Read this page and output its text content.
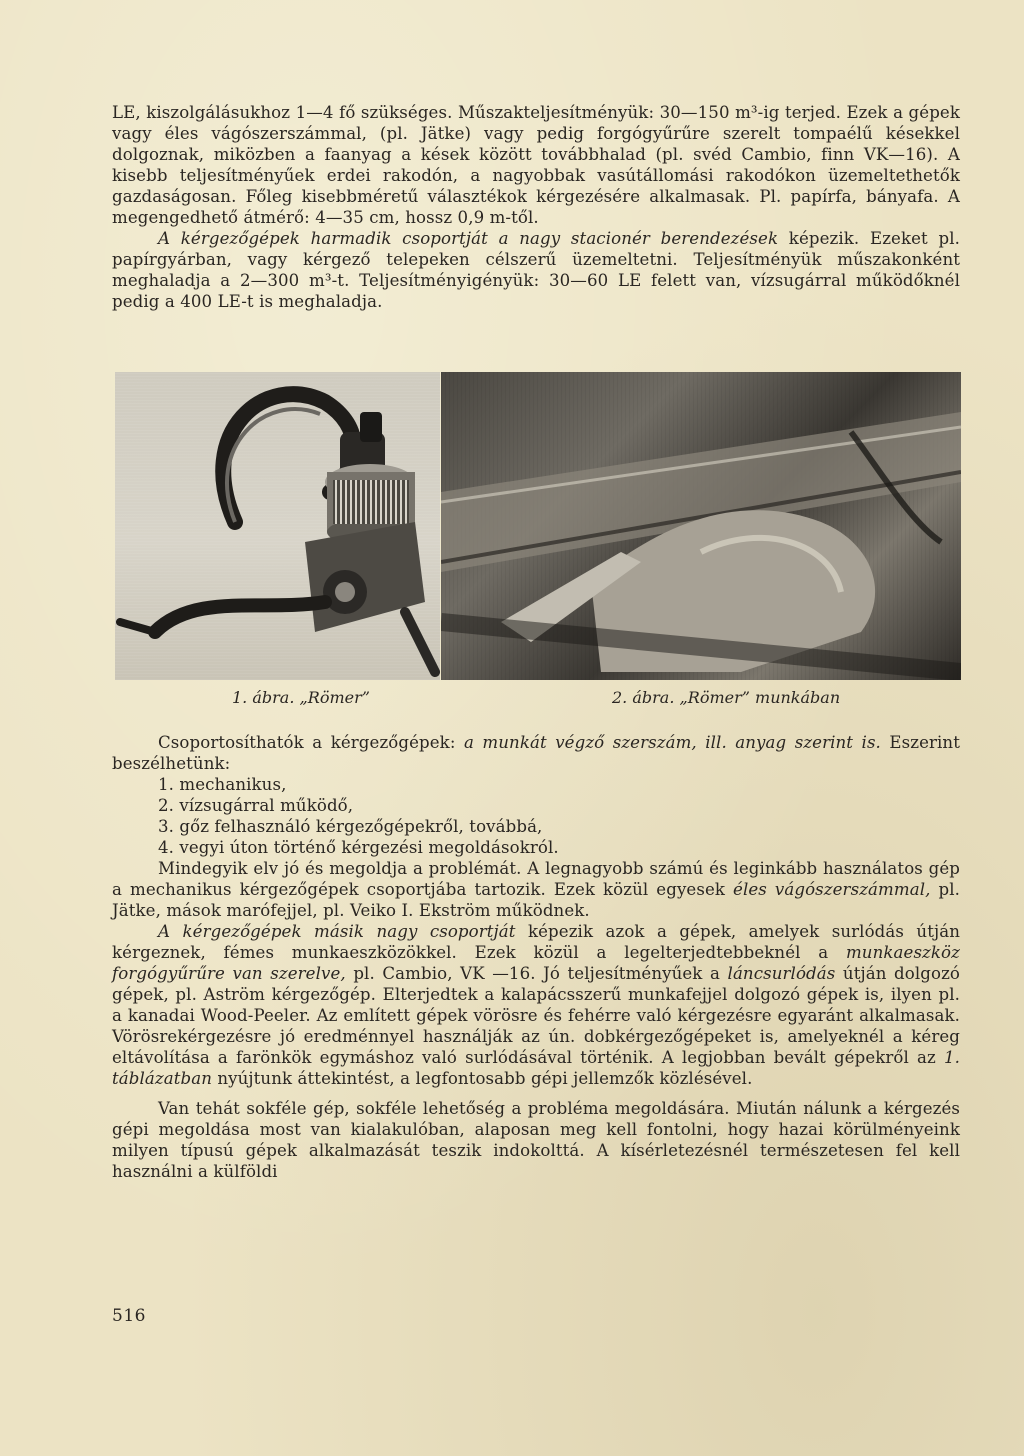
LE, kiszolgálásukhoz 1—4 fő szükséges. Műszakteljesítményük: 30—150 m³-ig terjed. Ezek a gépek vagy éles vágószerszámmal, (pl. Jätke) vagy pedig forgógyűrűre szerelt tompaélű késekkel dolgoznak, miközben a faanyag a kések között továbbhalad (pl. svéd Cambio, finn VK—16). A kisebb teljesítményűek erdei rakodón, a nagyobbak vasútállomási rakodókon üzemeltethetők gazdaságosan. Főleg kisebbméretű választékok kérgezésére alkalmasak. Pl. papírfa, bányafa. A megengedhető átmérő: 4—35 cm, hossz 0,9 m-től.

A kérgezőgépek harmadik csoportját a nagy stacionér berendezések képezik. Ezeket pl. papírgyárban, vagy kérgező telepeken célszerű üzemeltetni. Teljesítményük műszakonként meghaladja a 2—300 m³-t. Teljesítményigényük: 30—60 LE felett van, vízsugárral működőknél pedig a 400 LE-t is meghaladja.

1. ábra. „Römer”	2. ábra. „Römer” munkában

Csoportosíthatók a kérgezőgépek: a munkát végző szerszám, ill. anyag szerint is. Eszerint beszélhetünk:

1. mechanikus,
2. vízsugárral működő,
3. gőz felhasználó kérgezőgépekről, továbbá,
4. vegyi úton történő kérgezési megoldásokról.

Mindegyik elv jó és megoldja a problémát. A legnagyobb számú és leginkább használatos gép a mechanikus kérgezőgépek csoportjába tartozik. Ezek közül egyesek éles vágószerszámmal, pl. Jätke, mások marófejjel, pl. Veiko I. Ekström működnek.

A kérgezőgépek másik nagy csoportját képezik azok a gépek, amelyek surlódás útján kérgeznek, fémes munkaeszközökkel. Ezek közül a legelterjedtebbeknél a munkaeszköz forgógyűrűre van szerelve, pl. Cambio, VK —16. Jó teljesítményűek a láncsurlódás útján dolgozó gépek, pl. Aström kérgezőgép. Elterjedtek a kalapácsszerű munkafejjel dolgozó gépek is, ilyen pl. a kanadai Wood-Peeler. Az említett gépek vörösre és fehérre való kérgezésre egyaránt alkalmasak. Vörösrekérgezésre jó eredménnyel használják az ún. dobkérgezőgépeket is, amelyeknél a kéreg eltávolítása a farönkök egymáshoz való surlódásával történik. A legjobban bevált gépekről az 1. táblázatban nyújtunk áttekintést, a legfontosabb gépi jellemzők közlésével.

Van tehát sokféle gép, sokféle lehetőség a probléma megoldására. Miután nálunk a kérgezés gépi megoldása most van kialakulóban, alaposan meg kell fontolni, hogy hazai körülményeink milyen típusú gépek alkalmazását teszik indokolttá. A kísérletezésnél természetesen fel kell használni a külföldi

516
